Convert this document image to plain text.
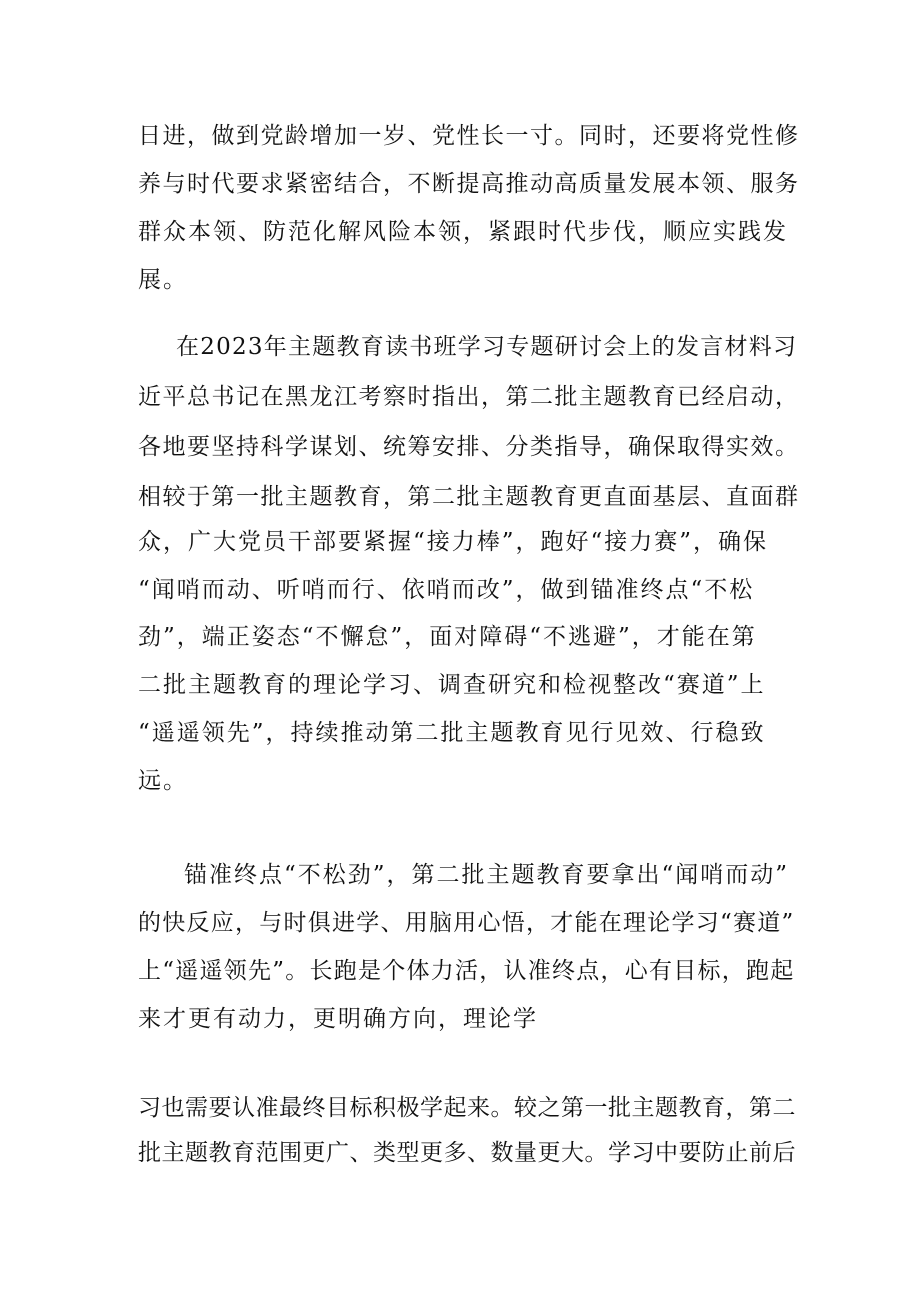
日进，做到党龄增加一岁、党性长一寸。同时，还要将党性修
养与时代要求紧密结合，不断提高推动高质量发展本领、服务
群众本领、防范化解风险本领，紧跟时代步伐，顺应实践发
展。
在2023年主题教育读书班学习专题研讨会上的发言材料习
近平总书记在黑龙江考察时指出，第二批主题教育已经启动，
各地要坚持科学谋划、统筹安排、分类指导，确保取得实效。
相较于第一批主题教育，第二批主题教育更直面基层、直面群
众，广大党员干部要紧握“接力棒”，跑好“接力赛”，确保
“闻哨而动、听哨而行、依哨而改”，做到锚准终点“不松
劲”，端正姿态“不懈怠”，面对障碍“不逃避”，才能在第
二批主题教育的理论学习、调查研究和检视整改“赛道”上
“遥遥领先”，持续推动第二批主题教育见行见效、行稳致
远。
锚准终点“不松劲”，第二批主题教育要拿出“闻哨而动”
的快反应，与时俱进学、用脑用心悟，才能在理论学习“赛道”
上“遥遥领先”。长跑是个体力活，认准终点，心有目标，跑起
来才更有动力，更明确方向，理论学
习也需要认准最终目标积极学起来。较之第一批主题教育，第二
批主题教育范围更广、类型更多、数量更大。学习中要防止前后
